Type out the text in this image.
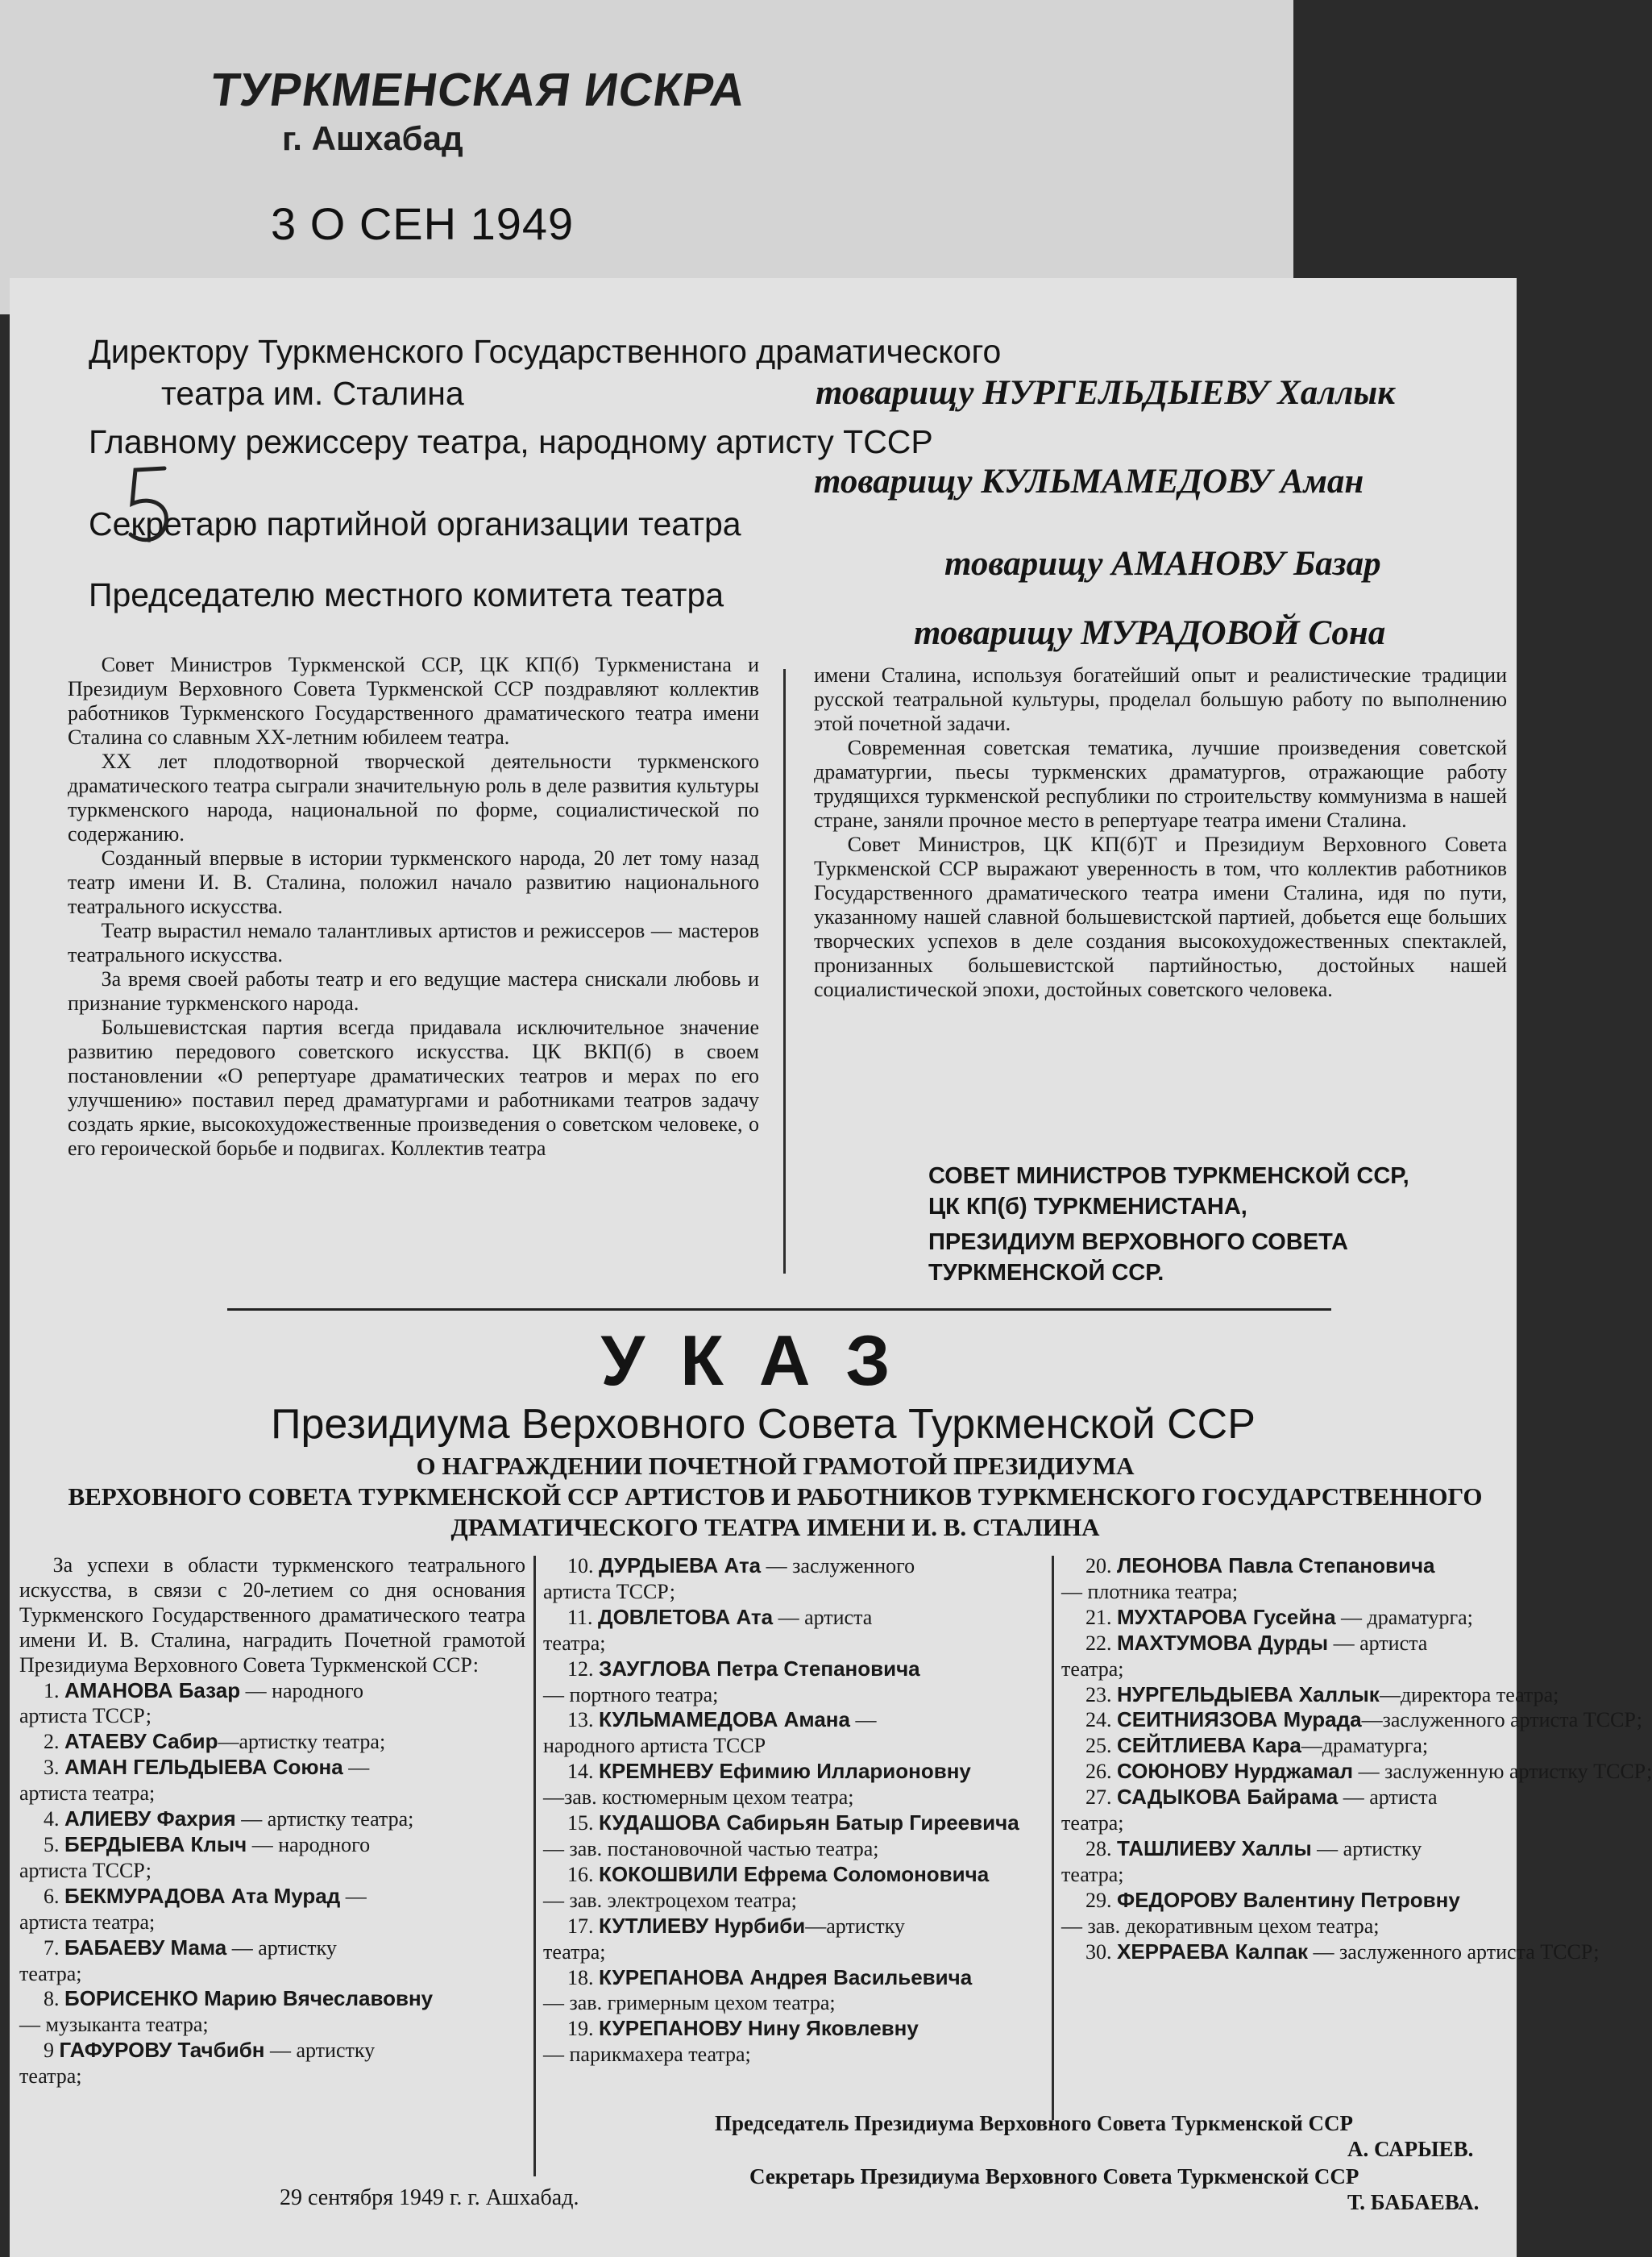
ТУРКМЕНСКАЯ ИСКРА
г. Ашхабад
3 О СЕН 1949
Директору Туркменского Государственного драматического
театра им. Сталина	товарищу НУРГЕЛЬДЫЕВУ Халлык
Главному режиссеру театра, народному артисту ТССР
товарищу КУЛЬМАМЕДОВУ Аман
Секретарю партийной организации театра
товарищу АМАНОВУ Базар
Председателю местного комитета театра
товарищу МУРАДОВОЙ Сона

Совет Министров Туркменской ССР, ЦК КП(б) Туркменистана и Президиум Верховного Совета Туркменской ССР поздравляют коллектив работников Туркменского Государственного драматического театра имени Сталина со славным XX-летним юбилеем театра.

XX лет плодотворной творческой деятельности туркменского драматического театра сыграли значительную роль в деле развития культуры туркменского народа, национальной по форме, социалистической по содержанию.

Созданный впервые в истории туркменского народа, 20 лет тому назад театр имени И. В. Сталина, положил начало развитию национального театрального искусства.

Театр вырастил немало талантливых артистов и режиссеров — мастеров театрального искусства.

За время своей работы театр и его ведущие мастера снискали любовь и признание туркменского народа.

Большевистская партия всегда придавала исключительное значение развитию передового советского искусства. ЦК ВКП(б) в своем постановлении «О репертуаре драматических театров и мерах по его улучшению» поставил перед драматургами и работниками театров задачу создать яркие, высокохудожественные произведения о советском человеке, о его героической борьбе и подвигах. Коллектив театра

имени Сталина, используя богатейший опыт и реалистические традиции русской театральной культуры, проделал большую работу по выполнению этой почетной задачи.

Современная советская тематика, лучшие произведения советской драматургии, пьесы туркменских драматургов, отражающие работу трудящихся туркменской республики по строительству коммунизма в нашей стране, заняли прочное место в репертуаре театра имени Сталина.

Совет Министров, ЦК КП(б)Т и Президиум Верховного Совета Туркменской ССР выражают уверенность в том, что коллектив работников Государственного драматического театра имени Сталина, идя по пути, указанному нашей славной большевистской партией, добьется еще больших творческих успехов в деле создания высокохудожественных спектаклей, пронизанных большевистской партийностью, достойных нашей социалистической эпохи, достойных советского человека.

СОВЕТ МИНИСТРОВ ТУРКМЕНСКОЙ ССР,
ЦК КП(б) ТУРКМЕНИСТАНА,
ПРЕЗИДИУМ ВЕРХОВНОГО СОВЕТА
ТУРКМЕНСКОЙ ССР.
УКАЗ
Президиума Верховного Совета Туркменской ССР
О НАГРАЖДЕНИИ ПОЧЕТНОЙ ГРАМОТОЙ ПРЕЗИДИУМА
ВЕРХОВНОГО СОВЕТА ТУРКМЕНСКОЙ ССР АРТИСТОВ И РАБОТНИКОВ ТУРКМЕНСКОГО ГОСУДАРСТВЕННОГО
ДРАМАТИЧЕСКОГО ТЕАТРА ИМЕНИ И. В. СТАЛИНА
За успехи в области туркменского театрального искусства, в связи с 20-летием со дня основания Туркменского Государственного драматического театра имени И. В. Сталина, наградить Почетной грамотой Президиума Верховного Совета Туркменской ССР:
1. АМАНОВА Базар — народного
артиста ТССР;
2. АТАЕВУ Сабир—артистку театра;
3. АМАН ГЕЛЬДЫЕВА Союна —
артиста театра;
4. АЛИЕВУ Фахрия — артистку театра;
5. БЕРДЫЕВА Клыч — народного
артиста ТССР;
6. БЕКМУРАДОВА Ата Мурад —
артиста театра;
7. БАБАЕВУ Мама — артистку
театра;
8. БОРИСЕНКО Марию Вячеславовну
— музыканта театра;
9 ГАФУРОВУ Тачбибн — артистку
театра;
10. ДУРДЫЕВА Ата — заслуженного
артиста ТССР;
11. ДОВЛЕТОВА Ата — артиста
театра;
12. ЗАУГЛОВА Петра Степановича
— портного театра;
13. КУЛЬМАМЕДОВА Амана —
народного артиста ТССР
14. КРЕМНЕВУ Ефимию Илларионовну
—зав. костюмерным цехом театра;
15. КУДАШОВА Сабирьян Батыр Гиреевича
— зав. постановочной частью театра;
16. КОКОШВИЛИ Ефрема Соломоновича
— зав. электроцехом театра;
17. КУТЛИЕВУ Нурбиби—артистку
театра;
18. КУРЕПАНОВА Андрея Васильевича
— зав. гримерным цехом театра;
19. КУРЕПАНОВУ Нину Яковлевну
— парикмахера театра;
20. ЛЕОНОВА Павла Степановича
— плотника театра;
21. МУХТАРОВА Гусейна — драматурга;
22. МАХТУМОВА Дурды — артиста
театра;
23. НУРГЕЛЬДЫЕВА Халлык—директора театра;
24. СЕИТНИЯЗОВА Мурада—заслуженного артиста ТССР;
25. СЕЙТЛИЕВА Кара—драматурга;
26. СОЮНОВУ Нурджамал — заслуженную артистку ТССР;
27. САДЫКОВА Байрама — артиста
театра;
28. ТАШЛИЕВУ Халлы — артистку
театра;
29. ФЕДОРОВУ Валентину Петровну
— зав. декоративным цехом театра;
30. ХЕРРАЕВА Калпак — заслуженного артиста ТССР;
Председатель Президиума Верховного Совета Туркменской ССР
А. САРЫЕВ.
Секретарь Президиума Верховного Совета Туркменской ССР
Т. БАБАЕВА.
29 сентября 1949 г. г. Ашхабад.
